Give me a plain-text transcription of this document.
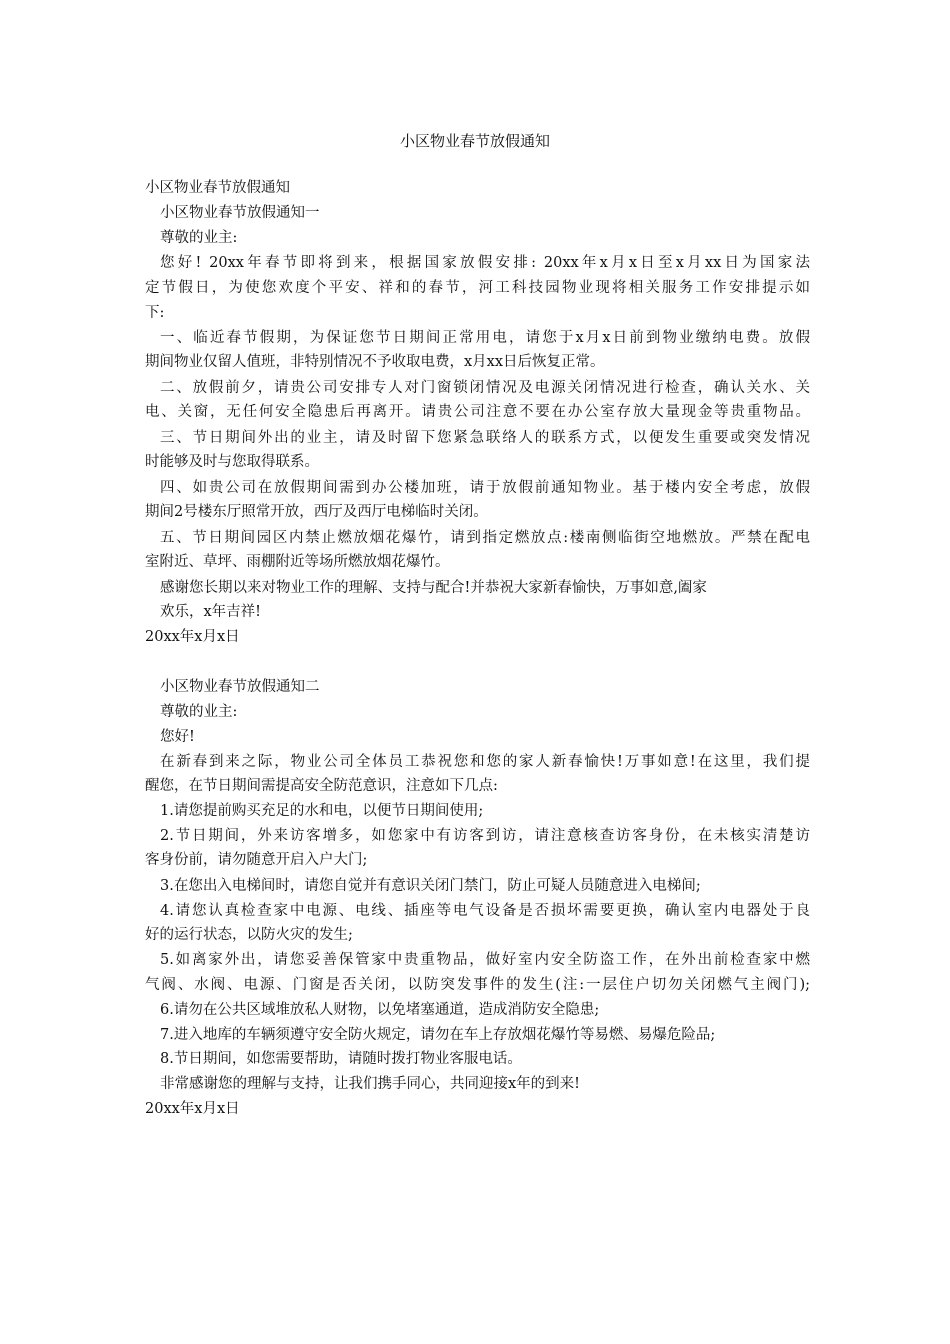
小区物业春节放假通知
小区物业春节放假通知
小区物业春节放假通知一
尊敬的业主:
您好! 20xx年春节即将到来，根据国家放假安排: 20xx年x月x日至x月xx日为国家法
定节假日，为使您欢度个平安、祥和的春节，河工科技园物业现将相关服务工作安排提示如
下:
一、临近春节假期，为保证您节日期间正常用电，请您于x月x日前到物业缴纳电费。放假
期间物业仅留人值班，非特别情况不予收取电费，x月xx日后恢复正常。
二、放假前夕，请贵公司安排专人对门窗锁闭情况及电源关闭情况进行检查，确认关水、关
电、关窗，无任何安全隐患后再离开。请贵公司注意不要在办公室存放大量现金等贵重物品。
三、节日期间外出的业主，请及时留下您紧急联络人的联系方式，以便发生重要或突发情况
时能够及时与您取得联系。
四、如贵公司在放假期间需到办公楼加班，请于放假前通知物业。基于楼内安全考虑，放假
期间2号楼东厅照常开放，西厅及西厅电梯临时关闭。
五、节日期间园区内禁止燃放烟花爆竹，请到指定燃放点:楼南侧临街空地燃放。严禁在配电
室附近、草坪、雨棚附近等场所燃放烟花爆竹。
感谢您长期以来对物业工作的理解、支持与配合!并恭祝大家新春愉快，万事如意,阖家
欢乐，x年吉祥!
20xx年x月x日
小区物业春节放假通知二
尊敬的业主:
您好!
在新春到来之际，物业公司全体员工恭祝您和您的家人新春愉快!万事如意!在这里，我们提
醒您，在节日期间需提高安全防范意识，注意如下几点:
1.请您提前购买充足的水和电，以便节日期间使用;
2.节日期间，外来访客增多，如您家中有访客到访，请注意核查访客身份，在未核实清楚访
客身份前，请勿随意开启入户大门;
3.在您出入电梯间时，请您自觉并有意识关闭门禁门，防止可疑人员随意进入电梯间;
4.请您认真检查家中电源、电线、插座等电气设备是否损坏需要更换，确认室内电器处于良
好的运行状态，以防火灾的发生;
5.如离家外出，请您妥善保管家中贵重物品，做好室内安全防盗工作，在外出前检查家中燃
气阀、水阀、电源、门窗是否关闭，以防突发事件的发生(注:一层住户切勿关闭燃气主阀门);
6.请勿在公共区域堆放私人财物，以免堵塞通道，造成消防安全隐患;
7.进入地库的车辆须遵守安全防火规定，请勿在车上存放烟花爆竹等易燃、易爆危险品;
8.节日期间，如您需要帮助，请随时拨打物业客服电话。
非常感谢您的理解与支持，让我们携手同心，共同迎接x年的到来!
20xx年x月x日
